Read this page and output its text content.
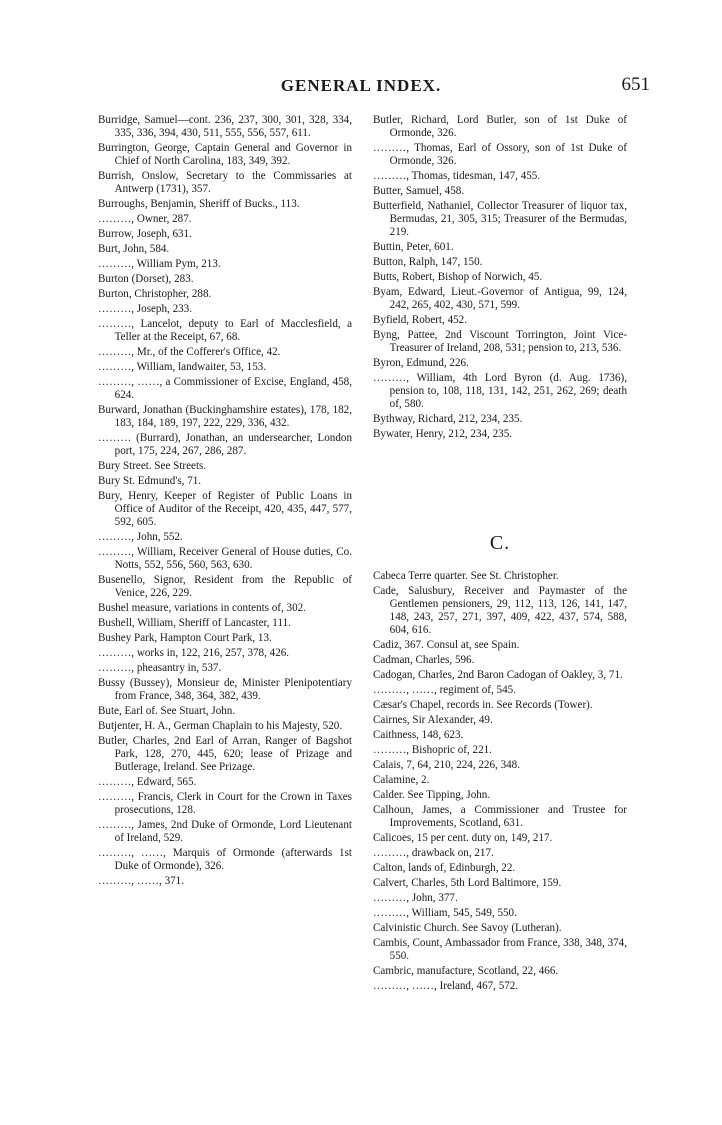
GENERAL INDEX.	651

Burridge, Samuel—cont. 236, 237, 300, 301, 328, 334, 335, 336, 394, 430, 511, 555, 556, 557, 611.

Burrington, George, Captain General and Governor in Chief of North Carolina, 183, 349, 392.

Burrish, Onslow, Secretary to the Commissaries at Antwerp (1731), 357.

Burroughs, Benjamin, Sheriff of Bucks., 113.

………, Owner, 287.

Burrow, Joseph, 631.

Burt, John, 584.

………, William Pym, 213.

Burton (Dorset), 283.

Burton, Christopher, 288.

………, Joseph, 233.

………, Lancelot, deputy to Earl of Macclesfield, a Teller at the Receipt, 67, 68.

………, Mr., of the Cofferer's Office, 42.

………, William, landwaiter, 53, 153.

………, ……, a Commissioner of Excise, England, 458, 624.

Burward, Jonathan (Buckinghamshire estates), 178, 182, 183, 184, 189, 197, 222, 229, 336, 432.

……… (Burrard), Jonathan, an undersearcher, London port, 175, 224, 267, 286, 287.

Bury Street. See Streets.

Bury St. Edmund's, 71.

Bury, Henry, Keeper of Register of Public Loans in Office of Auditor of the Receipt, 420, 435, 447, 577, 592, 605.

………, John, 552.

………, William, Receiver General of House duties, Co. Notts, 552, 556, 560, 563, 630.

Busenello, Signor, Resident from the Republic of Venice, 226, 229.

Bushel measure, variations in contents of, 302.

Bushell, William, Sheriff of Lancaster, 111.

Bushey Park, Hampton Court Park, 13.

………, works in, 122, 216, 257, 378, 426.

………, pheasantry in, 537.

Bussy (Bussey), Monsieur de, Minister Plenipotentiary from France, 348, 364, 382, 439.

Bute, Earl of. See Stuart, John.

Butjenter, H. A., German Chaplain to his Majesty, 520.

Butler, Charles, 2nd Earl of Arran, Ranger of Bagshot Park, 128, 270, 445, 620; lease of Prizage and Butlerage, Ireland. See Prizage.

………, Edward, 565.

………, Francis, Clerk in Court for the Crown in Taxes prosecutions, 128.

………, James, 2nd Duke of Ormonde, Lord Lieutenant of Ireland, 529.

………, ……, Marquis of Ormonde (afterwards 1st Duke of Ormonde), 326.

………, ……, 371.

Butler, Richard, Lord Butler, son of 1st Duke of Ormonde, 326.

………, Thomas, Earl of Ossory, son of 1st Duke of Ormonde, 326.

………, Thomas, tidesman, 147, 455.

Butter, Samuel, 458.

Butterfield, Nathaniel, Collector Treasurer of liquor tax, Bermudas, 21, 305, 315; Treasurer of the Bermudas, 219.

Buttin, Peter, 601.

Button, Ralph, 147, 150.

Butts, Robert, Bishop of Norwich, 45.

Byam, Edward, Lieut.-Governor of Antigua, 99, 124, 242, 265, 402, 430, 571, 599.

Byfield, Robert, 452.

Byng, Pattee, 2nd Viscount Torrington, Joint Vice-Treasurer of Ireland, 208, 531; pension to, 213, 536.

Byron, Edmund, 226.

………, William, 4th Lord Byron (d. Aug. 1736), pension to, 108, 118, 131, 142, 251, 262, 269; death of, 580.

Bythway, Richard, 212, 234, 235.

Bywater, Henry, 212, 234, 235.

C.

Cabeca Terre quarter. See St. Christopher.

Cade, Salusbury, Receiver and Paymaster of the Gentlemen pensioners, 29, 112, 113, 126, 141, 147, 148, 243, 257, 271, 397, 409, 422, 437, 574, 588, 604, 616.

Cadiz, 367. Consul at, see Spain.

Cadman, Charles, 596.

Cadogan, Charles, 2nd Baron Cadogan of Oakley, 3, 71.

………, ……, regiment of, 545.

Cæsar's Chapel, records in. See Records (Tower).

Cairnes, Sir Alexander, 49.

Caithness, 148, 623.

………, Bishopric of, 221.

Calais, 7, 64, 210, 224, 226, 348.

Calamine, 2.

Calder. See Tipping, John.

Calhoun, James, a Commissioner and Trustee for Improvements, Scotland, 631.

Calicoes, 15 per cent. duty on, 149, 217.

………, drawback on, 217.

Calton, lands of, Edinburgh, 22.

Calvert, Charles, 5th Lord Baltimore, 159.

………, John, 377.

………, William, 545, 549, 550.

Calvinistic Church. See Savoy (Lutheran).

Cambis, Count, Ambassador from France, 338, 348, 374, 550.

Cambric, manufacture, Scotland, 22, 466.

………, ……, Ireland, 467, 572.
